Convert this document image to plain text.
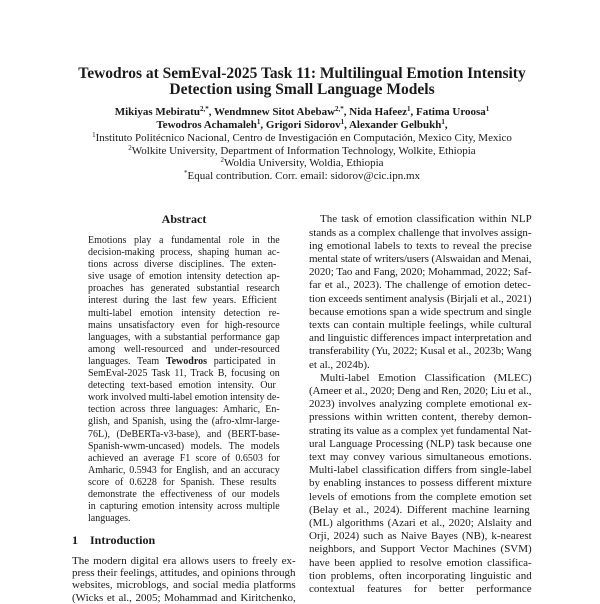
Tewodros at SemEval-2025 Task 11: Multilingual Emotion Intensity
Detection using Small Language Models
Mikiyas Mebiratu$^{2,*}$, Wendmnew Sitot Abebaw$^{2,*}$, Nida Hafeez$^1$, Fatima Uroosa$^1$
Tewodros Achamaleh$^1$, Grigori Sidorov$^1$, Alexander Gelbukh$^1$,
$^1$Instituto Politécnico Nacional, Centro de Investigación en Computación, Mexico City, Mexico
$^2$Wolkite University, Department of Information Technology, Wolkite, Ethiopia
$^2$Woldia University, Woldia, Ethiopia
*Equal contribution. Corr. email: sidorov@cic.ipn.mx
Abstract
Emotions play a fundamental role in the
decision-making process, shaping human ac-
tions across diverse disciplines. The exten-
sive usage of emotion intensity detection ap-
proaches has generated substantial research
interest during the last few years. Efficient
multi-label emotion intensity detection re-
mains unsatisfactory even for high-resource
languages, with a substantial performance gap
among well-resourced and under-resourced
languages. Team Tewodros participated in
SemEval-2025 Task 11, Track B, focusing on
detecting text-based emotion intensity. Our
work involved multi-label emotion intensity de-
tection across three languages: Amharic, En-
glish, and Spanish, using the (afro-xlmr-large-
76L), (DeBERTa-v3-base), and (BERT-base-
Spanish-wwm-uncased) models. The models
achieved an average F1 score of 0.6503 for
Amharic, 0.5943 for English, and an accuracy
score of 0.6228 for Spanish. These results
demonstrate the effectiveness of our models
in capturing emotion intensity across multiple
languages.
1 Introduction
The modern digital era allows users to freely ex-
press their feelings, attitudes, and opinions through
websites, microblogs, and social media platforms
(Wicks et al., 2005; Mohammad and Kiritchenko,
The task of emotion classification within NLP
stands as a complex challenge that involves assign-
ing emotional labels to texts to reveal the precise
mental state of writers/users (Alswaidan and Menai,
2020; Tao and Fang, 2020; Mohammad, 2022; Saf-
far et al., 2023). The challenge of emotion detec-
tion exceeds sentiment analysis (Birjali et al., 2021)
because emotions span a wide spectrum and single
texts can contain multiple feelings, while cultural
and linguistic differences impact interpretation and
transferability (Yu, 2022; Kusal et al., 2023b; Wang
et al., 2024b).
Multi-label Emotion Classification (MLEC)
(Ameer et al., 2020; Deng and Ren, 2020; Liu et al.,
2023) involves analyzing complete emotional ex-
pressions within written content, thereby demon-
strating its value as a complex yet fundamental Nat-
ural Language Processing (NLP) task because one
text may convey various simultaneous emotions.
Multi-label classification differs from single-label
by enabling instances to possess different mixture
levels of emotions from the complete emotion set
(Belay et al., 2024). Different machine learning
(ML) algorithms (Azari et al., 2020; Alslaity and
Orji, 2024) such as Naive Bayes (NB), k-nearest
neighbors, and Support Vector Machines (SVM)
have been applied to resolve emotion classifica-
tion problems, often incorporating linguistic and
contextual features for better performance
